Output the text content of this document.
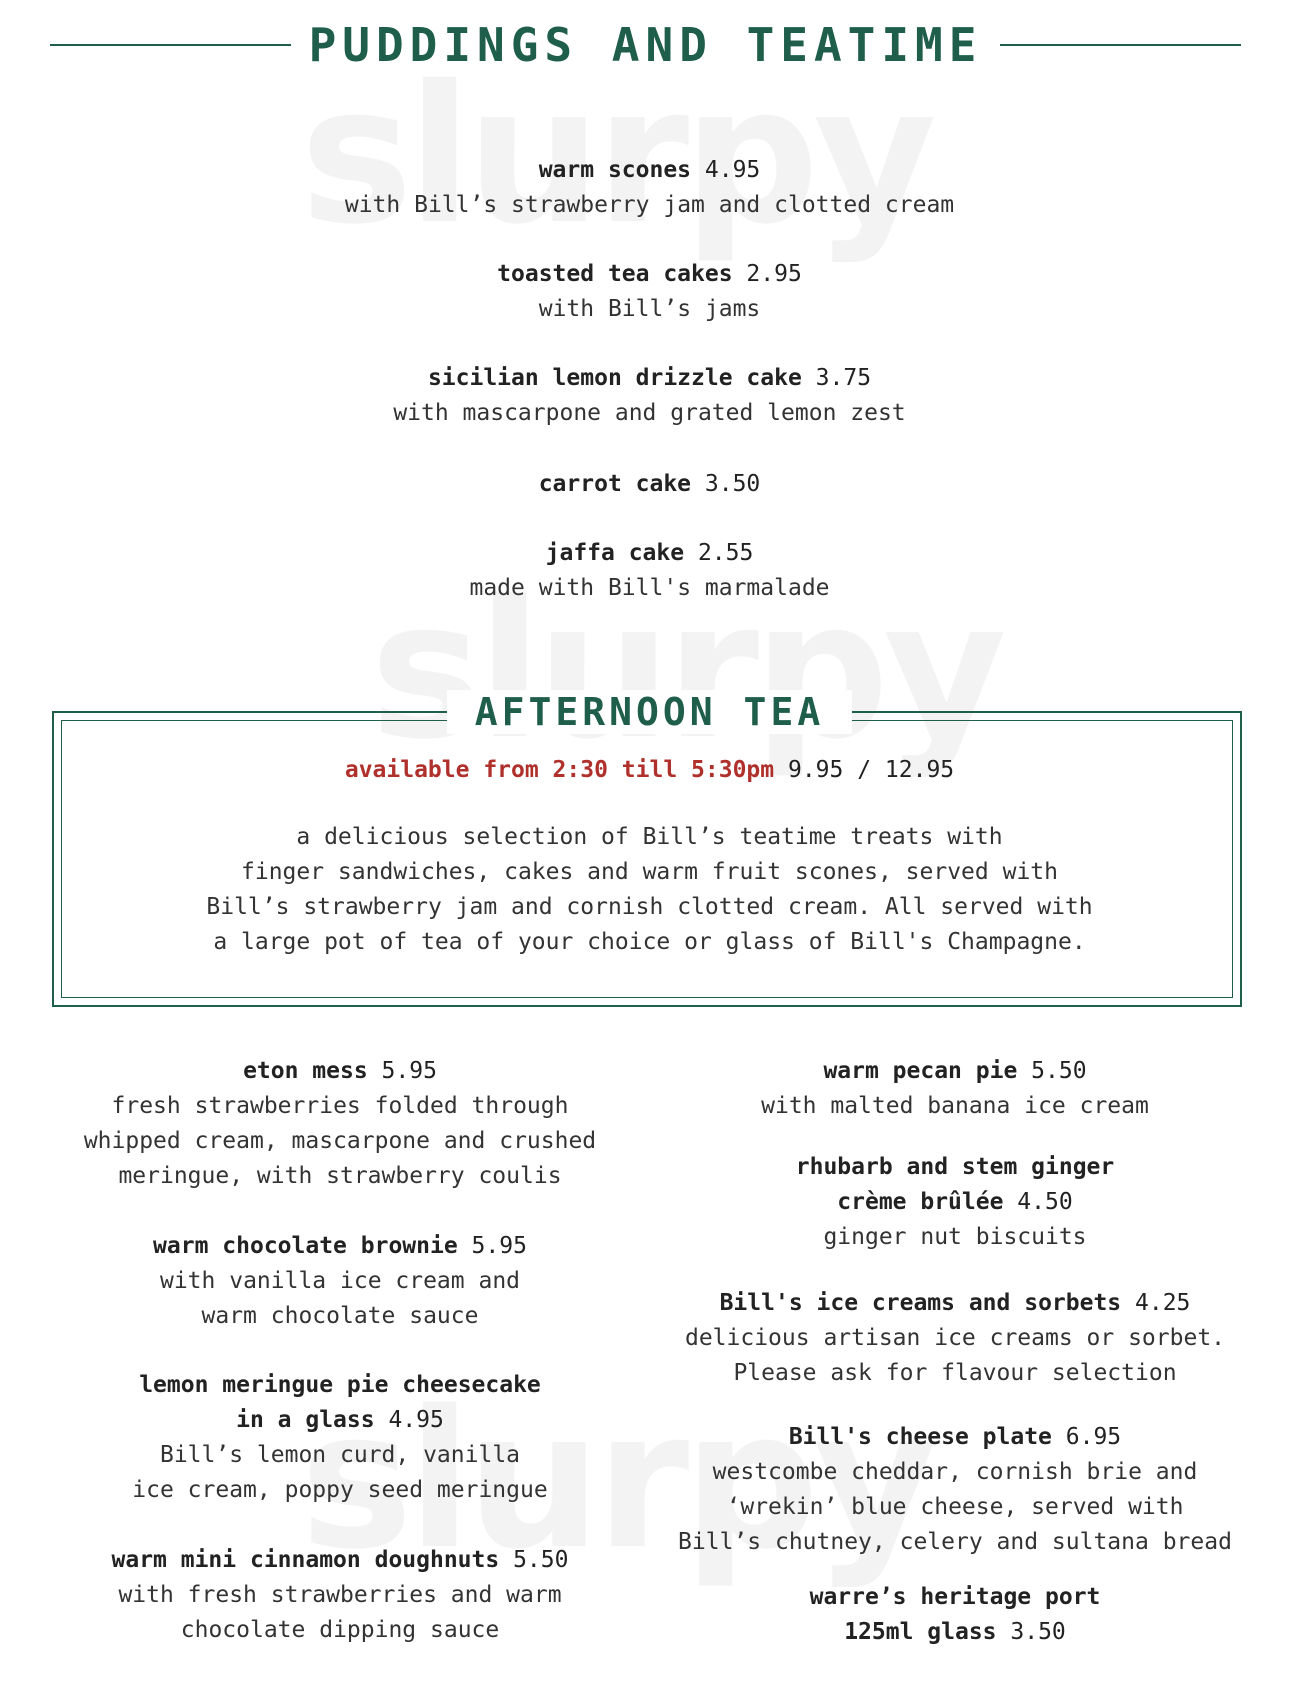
PUDDINGS AND TEATIME
warm scones 4.95
with Bill’s strawberry jam and clotted cream
toasted tea cakes 2.95
with Bill’s jams
sicilian lemon drizzle cake 3.75
with mascarpone and grated lemon zest
carrot cake 3.50
jaffa cake 2.55
made with Bill's marmalade
AFTERNOON TEA
available from 2:30 till 5:30pm 9.95 / 12.95
a delicious selection of Bill’s teatime treats with
finger sandwiches, cakes and warm fruit scones, served with
Bill’s strawberry jam and cornish clotted cream. All served with
a large pot of tea of your choice or glass of Bill's Champagne.
eton mess 5.95
fresh strawberries folded through
whipped cream, mascarpone and crushed
meringue, with strawberry coulis
warm chocolate brownie 5.95
with vanilla ice cream and
warm chocolate sauce
lemon meringue pie cheesecake
in a glass 4.95
Bill’s lemon curd, vanilla
ice cream, poppy seed meringue
warm mini cinnamon doughnuts 5.50
with fresh strawberries and warm
chocolate dipping sauce
warm pecan pie 5.50
with malted banana ice cream
rhubarb and stem ginger
crème brûlée 4.50
ginger nut biscuits
Bill's ice creams and sorbets 4.25
delicious artisan ice creams or sorbet.
Please ask for flavour selection
Bill's cheese plate 6.95
westcombe cheddar, cornish brie and
‘wrekin’ blue cheese, served with
Bill’s chutney, celery and sultana bread
warre’s heritage port
125ml glass 3.50
